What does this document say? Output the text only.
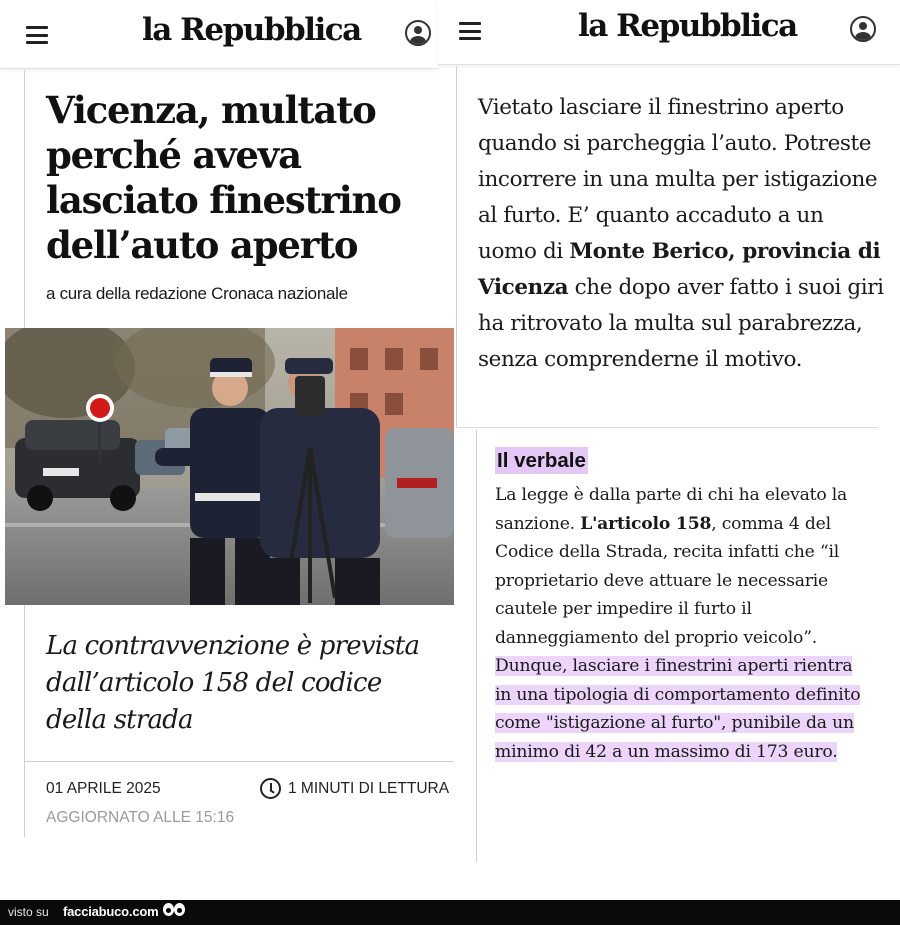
la Repubblica	la Repubblica
Vicenza, multato perché aveva lasciato finestrino dell’auto aperto
a cura della redazione Cronaca nazionale

La contravvenzione è prevista dall’articolo 158 del codice della strada

01 APRILE 2025
AGGIORNATO ALLE 15:16
1 MINUTI DI LETTURA

Vietato lasciare il finestrino aperto quando si parcheggia l’auto. Potreste incorrere in una multa per istigazione al furto. E’ quanto accaduto a un uomo di Monte Berico, provincia di Vicenza che dopo aver fatto i suoi giri ha ritrovato la multa sul parabrezza, senza comprenderne il motivo.

Il verbale

La legge è dalla parte di chi ha elevato la sanzione. L'articolo 158, comma 4 del Codice della Strada, recita infatti che “il proprietario deve attuare le necessarie cautele per impedire il furto il danneggiamento del proprio veicolo”. Dunque, lasciare i finestrini aperti rientra in una tipologia di comportamento definito come "istigazione al furto", punibile da un minimo di 42 a un massimo di 173 euro.

visto su facciabuco.com
